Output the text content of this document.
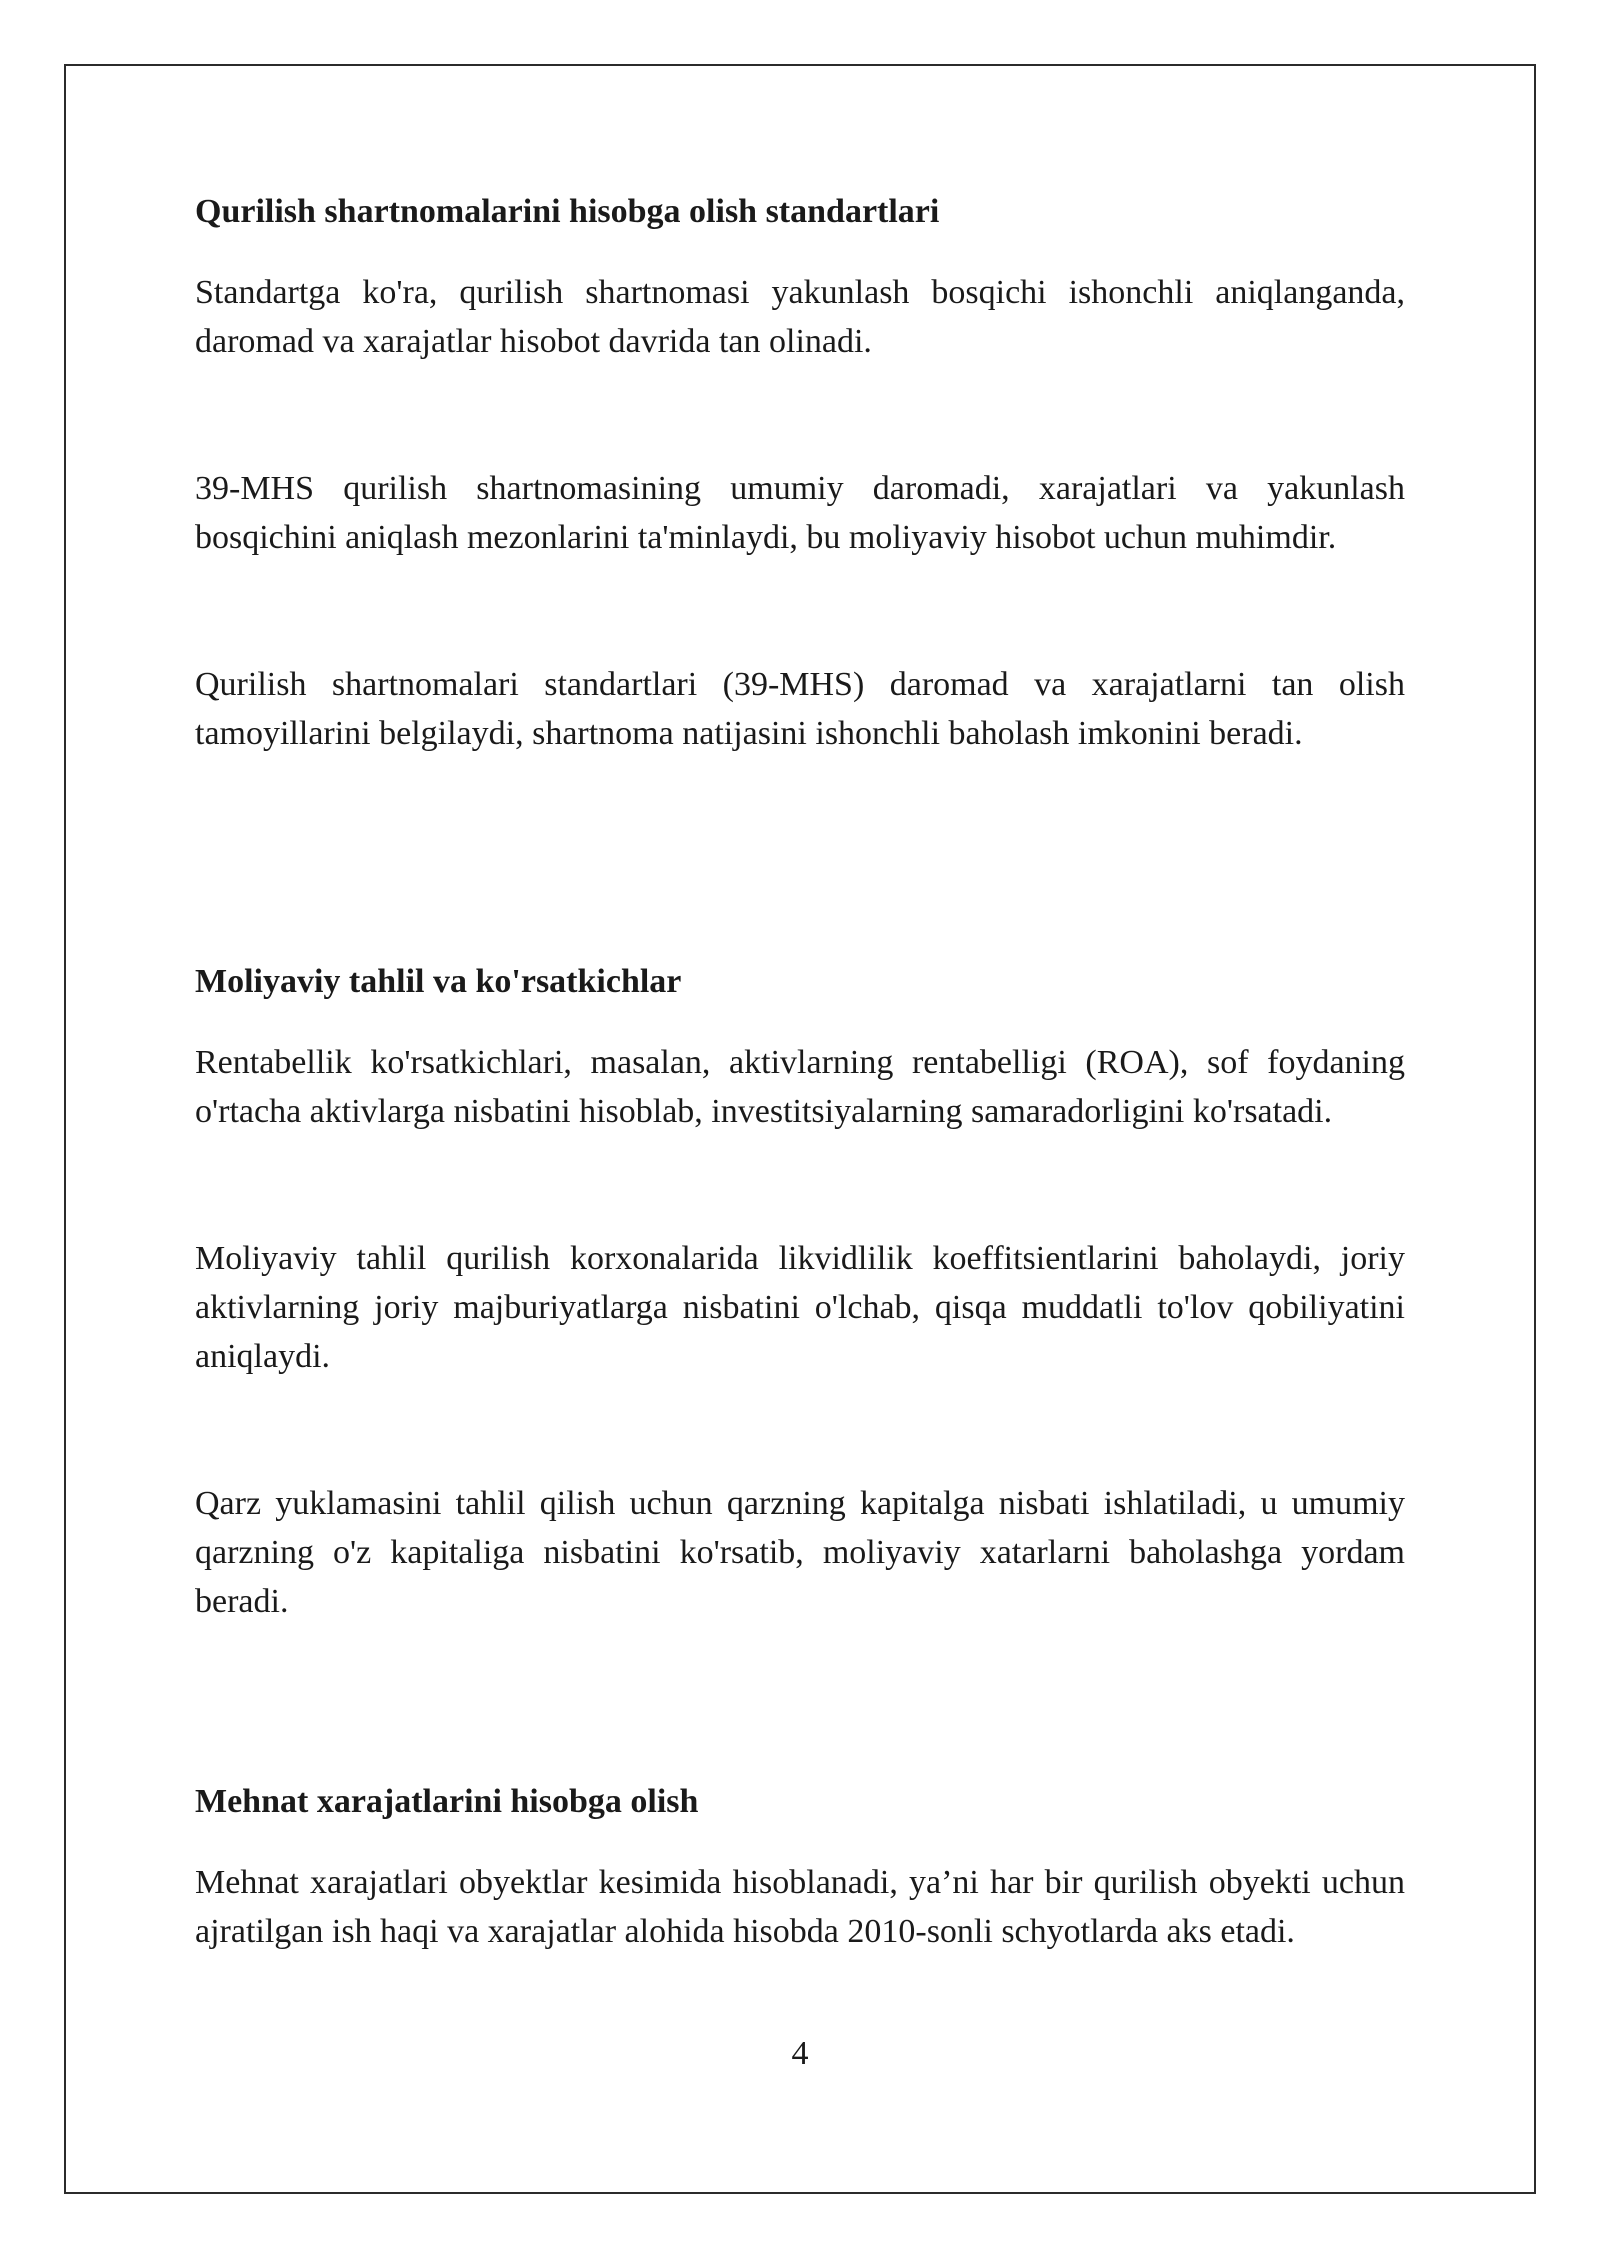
Qurilish shartnomalarini hisobga olish standartlari

Standartga ko'ra, qurilish shartnomasi yakunlash bosqichi ishonchli aniqlanganda, daromad va xarajatlar hisobot davrida tan olinadi.

39-MHS qurilish shartnomasining umumiy daromadi, xarajatlari va yakunlash bosqichini aniqlash mezonlarini ta'minlaydi, bu moliyaviy hisobot uchun muhimdir.

Qurilish shartnomalari standartlari (39-MHS) daromad va xarajatlarni tan olish tamoyillarini belgilaydi, shartnoma natijasini ishonchli baholash imkonini beradi.

Moliyaviy tahlil va ko'rsatkichlar

Rentabellik ko'rsatkichlari, masalan, aktivlarning rentabelligi (ROA), sof foydaning o'rtacha aktivlarga nisbatini hisoblab, investitsiyalarning samaradorligini ko'rsatadi.

Moliyaviy tahlil qurilish korxonalarida likvidlilik koeffitsientlarini baholaydi, joriy aktivlarning joriy majburiyatlarga nisbatini o'lchab, qisqa muddatli to'lov qobiliyatini aniqlaydi.

Qarz yuklamasini tahlil qilish uchun qarzning kapitalga nisbati ishlatiladi, u umumiy qarzning o'z kapitaliga nisbatini ko'rsatib, moliyaviy xatarlarni baholashga yordam beradi.

Mehnat xarajatlarini hisobga olish

Mehnat xarajatlari obyektlar kesimida hisoblanadi, ya’ni har bir qurilish obyekti uchun ajratilgan ish haqi va xarajatlar alohida hisobda 2010-sonli schyotlarda aks etadi.

4
